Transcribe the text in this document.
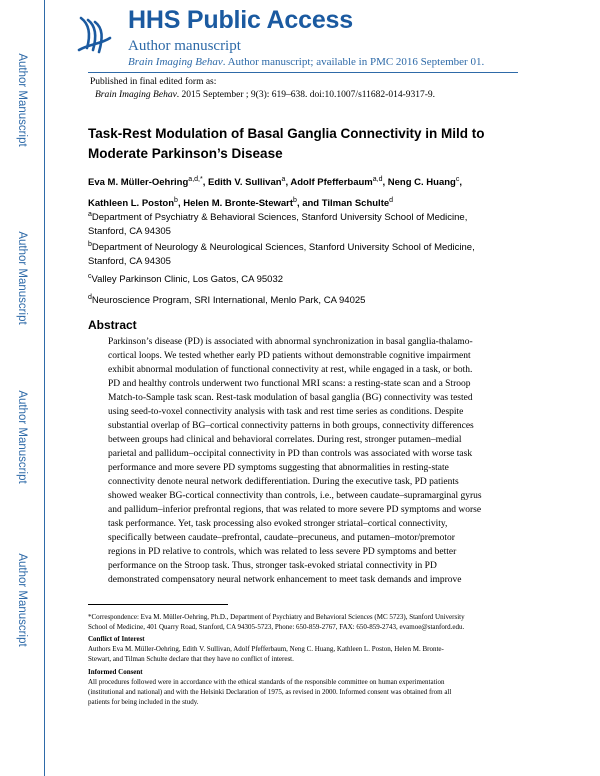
Author Manuscript
Author Manuscript
Author Manuscript
Author Manuscript
HHS Public Access
Author manuscript
Brain Imaging Behav. Author manuscript; available in PMC 2016 September 01.
Published in final edited form as:
Brain Imaging Behav. 2015 September ; 9(3): 619–638. doi:10.1007/s11682-014-9317-9.
Task-Rest Modulation of Basal Ganglia Connectivity in Mild to
Moderate Parkinson’s Disease
Eva M. Müller-Oehring$^{a,d,*}$, Edith V. Sullivan$^a$, Adolf Pfefferbaum$^{a,d}$, Neng C. Huang$^c$,
Kathleen L. Poston$^b$, Helen M. Bronte-Stewart$^b$, and Tilman Schulte$^d$
$^a$Department of Psychiatry & Behavioral Sciences, Stanford University School of Medicine,
Stanford, CA 94305
$^b$Department of Neurology & Neurological Sciences, Stanford University School of Medicine,
Stanford, CA 94305
$^c$Valley Parkinson Clinic, Los Gatos, CA 95032
$^d$Neuroscience Program, SRI International, Menlo Park, CA 94025
Abstract
Parkinson’s disease (PD) is associated with abnormal synchronization in basal ganglia-thalamo-
cortical loops. We tested whether early PD patients without demonstrable cognitive impairment
exhibit abnormal modulation of functional connectivity at rest, while engaged in a task, or both.
PD and healthy controls underwent two functional MRI scans: a resting-state scan and a Stroop
Match-to-Sample task scan. Rest-task modulation of basal ganglia (BG) connectivity was tested
using seed-to-voxel connectivity analysis with task and rest time series as conditions. Despite
substantial overlap of BG–cortical connectivity patterns in both groups, connectivity differences
between groups had clinical and behavioral correlates. During rest, stronger putamen–medial
parietal and pallidum–occipital connectivity in PD than controls was associated with worse task
performance and more severe PD symptoms suggesting that abnormalities in resting-state
connectivity denote neural network dedifferentiation. During the executive task, PD patients
showed weaker BG-cortical connectivity than controls, i.e., between caudate–supramarginal gyrus
and pallidum–inferior prefrontal regions, that was related to more severe PD symptoms and worse
task performance. Yet, task processing also evoked stronger striatal–cortical connectivity,
specifically between caudate–prefrontal, caudate–precuneus, and putamen–motor/premotor
regions in PD relative to controls, which was related to less severe PD symptoms and better
performance on the Stroop task. Thus, stronger task-evoked striatal connectivity in PD
demonstrated compensatory neural network enhancement to meet task demands and improve
*Correspondence: Eva M. Müller-Oehring, Ph.D., Department of Psychiatry and Behavioral Sciences (MC 5723), Stanford University
School of Medicine, 401 Quarry Road, Stanford, CA 94305-5723, Phone: 650-859-2767, FAX: 650-859-2743, evamoe@stanford.edu.
Conflict of Interest
Authors Eva M. Müller-Oehring, Edith V. Sullivan, Adolf Pfefferbaum, Neng C. Huang, Kathleen L. Poston, Helen M. Bronte-
Stewart, and Tilman Schulte declare that they have no conflict of interest.
Informed Consent
All procedures followed were in accordance with the ethical standards of the responsible committee on human experimentation
(institutional and national) and with the Helsinki Declaration of 1975, as revised in 2000. Informed consent was obtained from all
patients for being included in the study.
